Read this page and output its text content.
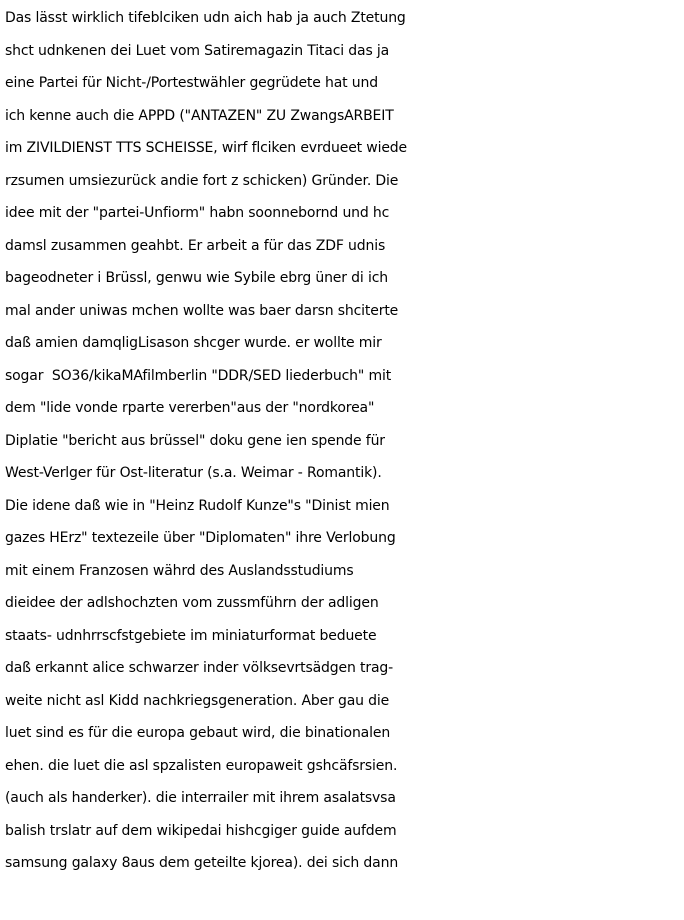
Das lässt wirklich tifeblciken udn aich hab ja auch Ztetung
shct udnkenen dei Luet vom Satiremagazin Titaci das ja
eine Partei für Nicht-/Portestwähler gegrüdete hat und
ich kenne auch die APPD ("ANTAZEN" ZU ZwangsARBEIT
im ZIVILDIENST TTS SCHEISSE, wirf flciken evrdueet wiede
rzsumen umsiezurück andie fort z schicken) Gründer. Die
idee mit der "partei-Unfiorm" habn soonnebornd und hc
damsl zusammen geahbt. Er arbeit a für das ZDF udnis
bageodneter i Brüssl, genwu wie Sybile ebrg üner di ich
mal ander uniwas mchen wollte was baer darsn shciterte
daß amien damqligLisason shcger wurde. er wollte mir
sogar  SO36/kikaMAfilmberlin "DDR/SED liederbuch" mit
dem "lide vonde rparte vererben"aus der "nordkorea"
Diplatie "bericht aus brüssel" doku gene ien spende für
West-Verlger für Ost-literatur (s.a. Weimar - Romantik).
Die idene daß wie in "Heinz Rudolf Kunze"s "Dinist mien
gazes HErz" textezeile über "Diplomaten" ihre Verlobung
mit einem Franzosen währd des Auslandsstudiums
dieidee der adlshochzten vom zussmführn der adligen
staats- udnhrrscfstgebiete im miniaturformat beduete
daß erkannt alice schwarzer inder völksevrtsädgen trag-
weite nicht asl Kidd nachkriegsgeneration. Aber gau die
luet sind es für die europa gebaut wird, die binationalen
ehen. die luet die asl spzalisten europaweit gshcäfsrsien.
(auch als handerker). die interrailer mit ihrem asalatsvsa
balish trslatr auf dem wikipedai hishcgiger guide aufdem
samsung galaxy 8aus dem geteilte kjorea). dei sich dann
